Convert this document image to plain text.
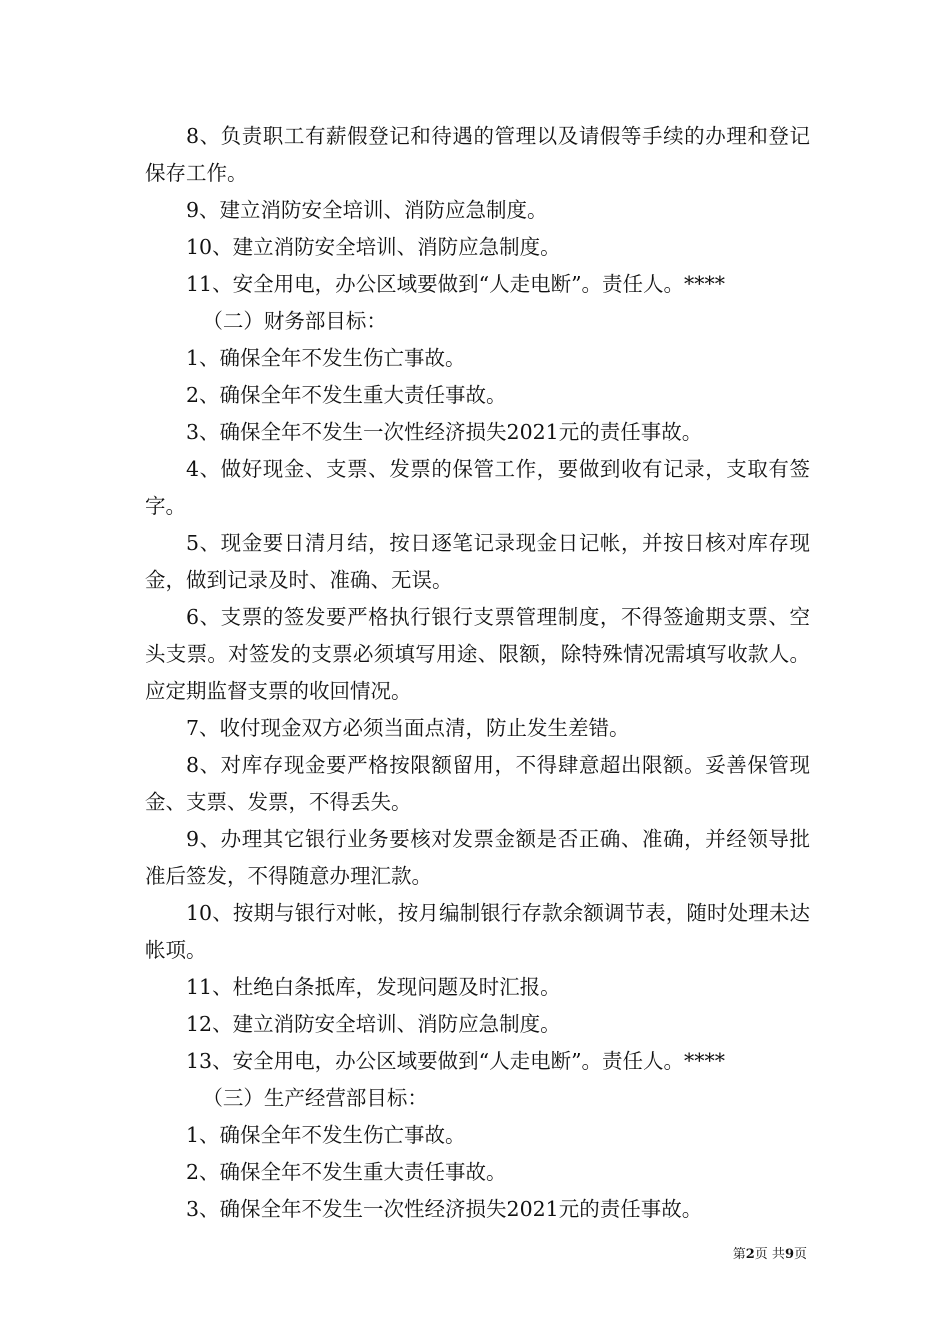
8、负责职工有薪假登记和待遇的管理以及请假等手续的办理和登记保存工作。

9、建立消防安全培训、消防应急制度。

10、建立消防安全培训、消防应急制度。

11、安全用电，办公区域要做到“人走电断”。责任人。****

（二）财务部目标：

1、确保全年不发生伤亡事故。

2、确保全年不发生重大责任事故。

3、确保全年不发生一次性经济损失2021元的责任事故。

4、做好现金、支票、发票的保管工作，要做到收有记录，支取有签字。

5、现金要日清月结，按日逐笔记录现金日记帐，并按日核对库存现金，做到记录及时、准确、无误。

6、支票的签发要严格执行银行支票管理制度，不得签逾期支票、空头支票。对签发的支票必须填写用途、限额，除特殊情况需填写收款人。应定期监督支票的收回情况。

7、收付现金双方必须当面点清，防止发生差错。

8、对库存现金要严格按限额留用，不得肆意超出限额。妥善保管现金、支票、发票，不得丢失。

9、办理其它银行业务要核对发票金额是否正确、准确，并经领导批准后签发，不得随意办理汇款。

10、按期与银行对帐，按月编制银行存款余额调节表，随时处理未达帐项。

11、杜绝白条抵库，发现问题及时汇报。

12、建立消防安全培训、消防应急制度。

13、安全用电，办公区域要做到“人走电断”。责任人。****

（三）生产经营部目标：

1、确保全年不发生伤亡事故。

2、确保全年不发生重大责任事故。

3、确保全年不发生一次性经济损失2021元的责任事故。

第2页 共9页
